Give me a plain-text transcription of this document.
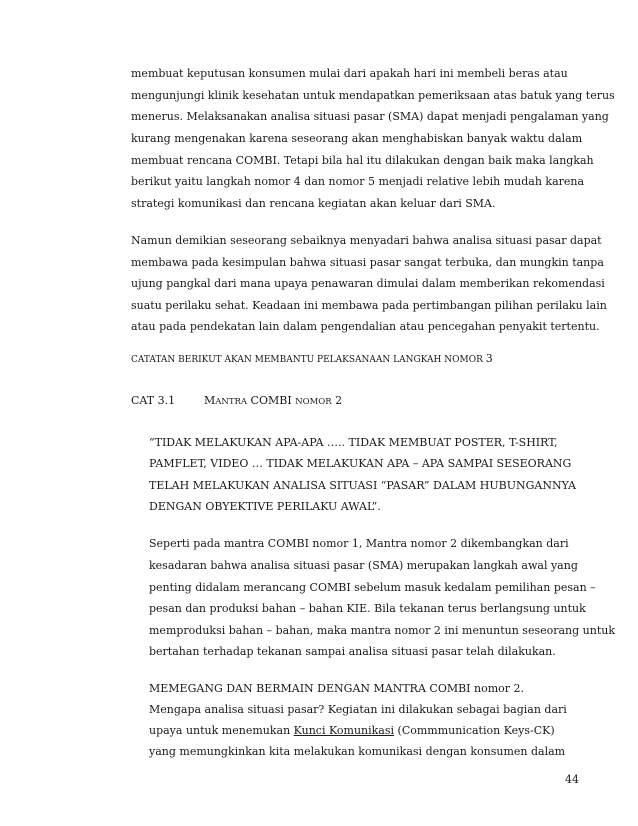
membuat keputusan konsumen mulai dari apakah hari ini membeli beras atau
mengunjungi klinik kesehatan untuk mendapatkan pemeriksaan atas batuk yang terus
menerus. Melaksanakan analisa situasi pasar (SMA) dapat menjadi pengalaman yang
kurang mengenakan karena seseorang akan menghabiskan banyak waktu dalam
membuat rencana COMBI. Tetapi bila hal itu dilakukan dengan baik maka langkah
berikut yaitu langkah nomor 4 dan nomor 5 menjadi relative lebih mudah karena
strategi komunikasi dan rencana kegiatan akan keluar dari SMA.
Namun demikian seseorang sebaiknya menyadari bahwa analisa situasi pasar dapat
membawa pada kesimpulan bahwa situasi pasar sangat terbuka, dan mungkin tanpa
ujung pangkal dari mana upaya penawaran dimulai dalam memberikan rekomendasi
suatu perilaku sehat. Keadaan ini membawa pada pertimbangan pilihan perilaku lain
atau pada pendekatan lain dalam pengendalian atau pencegahan penyakit tertentu.
CATATAN BERIKUT AKAN MEMBANTU PELAKSANAAN LANGKAH NOMOR 3
CAT 3.1	MANTRA COMBI NOMOR 2
“TIDAK MELAKUKAN APA-APA ….. TIDAK MEMBUAT POSTER, T-SHIRT,
PAMFLET, VIDEO … TIDAK MELAKUKAN APA – APA SAMPAI SESEORANG
TELAH MELAKUKAN ANALISA SITUASI “PASAR” DALAM HUBUNGANNYA
DENGAN OBYEKTIVE PERILAKU AWAL”.
Seperti pada mantra COMBI nomor 1, Mantra nomor 2 dikembangkan dari
kesadaran bahwa analisa situasi pasar (SMA) merupakan langkah awal yang
penting didalam merancang COMBI sebelum masuk kedalam pemilihan pesan –
pesan dan produksi bahan – bahan KIE. Bila tekanan terus berlangsung untuk
memproduksi bahan – bahan, maka mantra nomor 2 ini menuntun seseorang untuk
bertahan terhadap tekanan sampai analisa situasi pasar telah dilakukan.
MEMEGANG DAN BERMAIN DENGAN MANTRA COMBI nomor 2.
Mengapa analisa situasi pasar? Kegiatan ini dilakukan sebagai bagian dari
upaya untuk menemukan Kunci Komunikasi (Commmunication Keys-CK)
yang memungkinkan kita melakukan komunikasi dengan konsumen dalam
44
